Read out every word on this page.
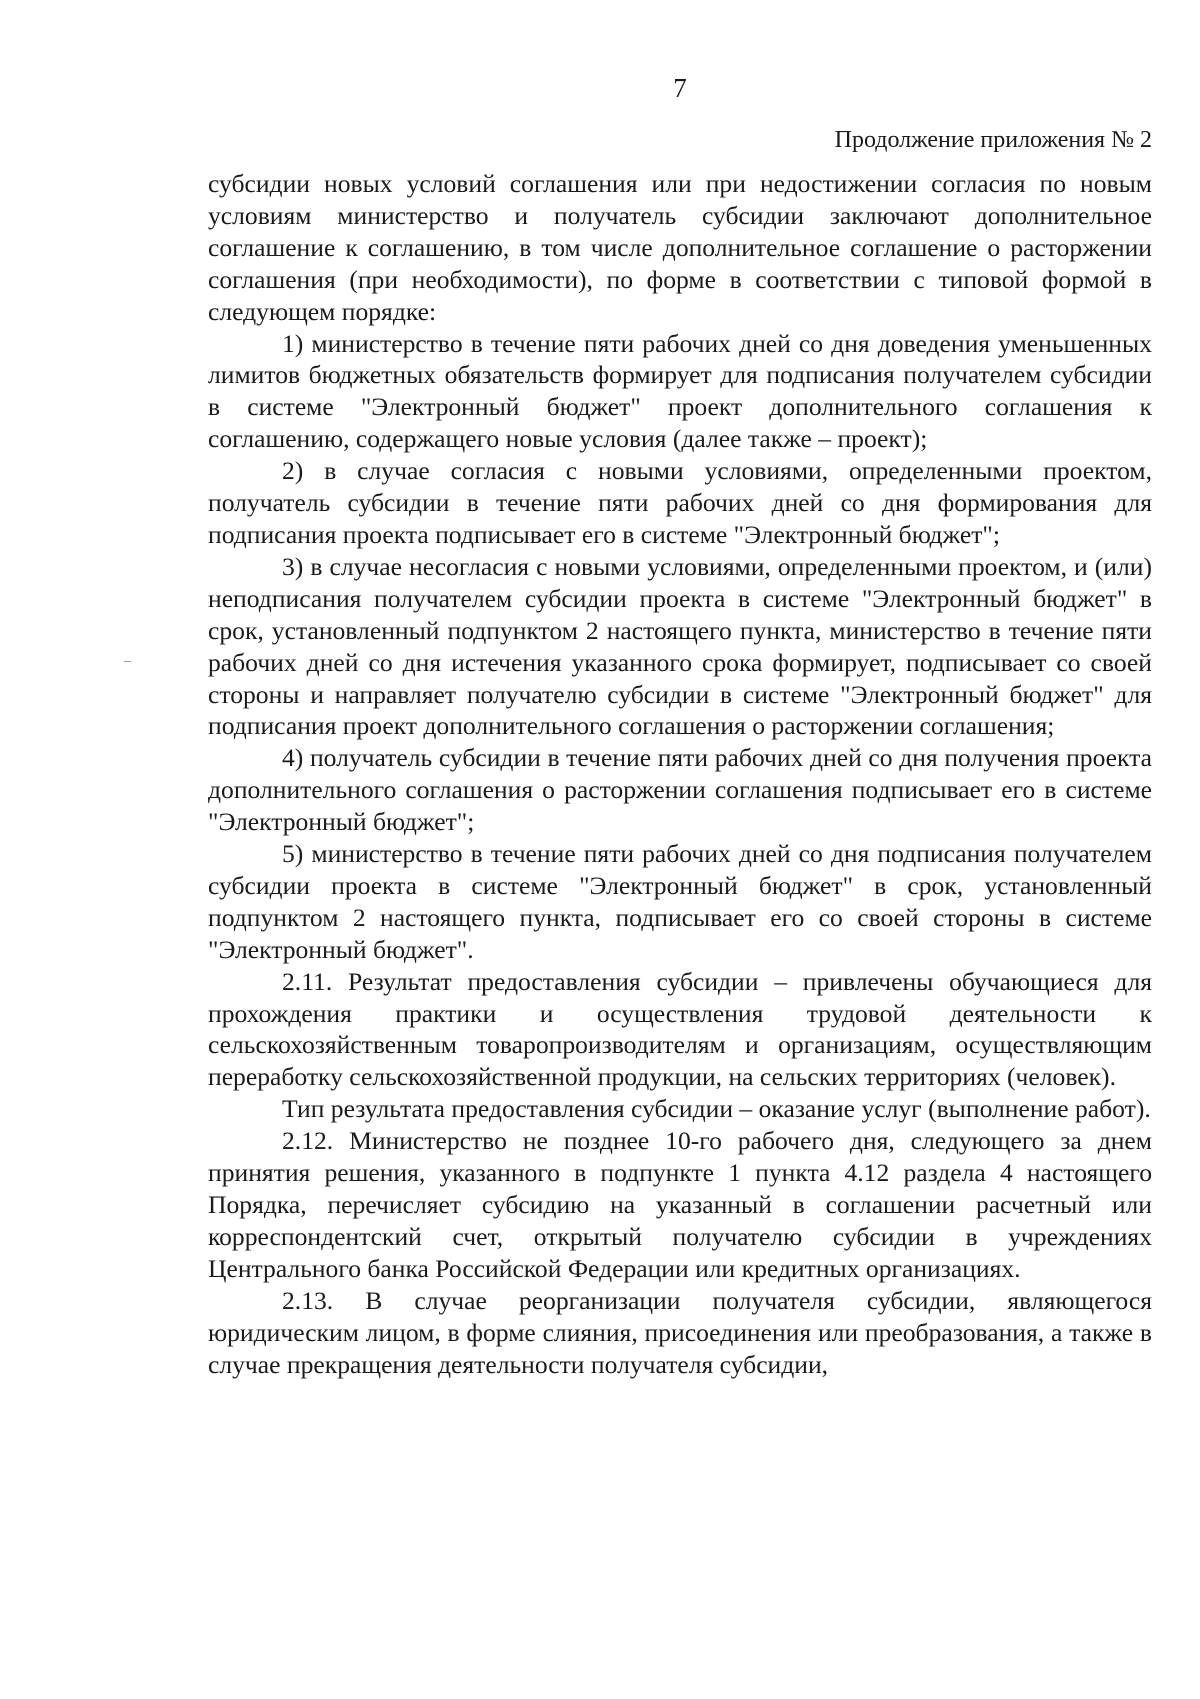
7
Продолжение приложения № 2

субсидии новых условий соглашения или при недостижении согласия по новым условиям министерство и получатель субсидии заключают дополнительное соглашение к соглашению, в том числе дополнительное соглашение о расторжении соглашения (при необходимости), по форме в соответствии с типовой формой в следующем порядке:

1) министерство в течение пяти рабочих дней со дня доведения уменьшенных лимитов бюджетных обязательств формирует для подписания получателем субсидии в системе "Электронный бюджет" проект дополнительного соглашения к соглашению, содержащего новые условия (далее также – проект);

2) в случае согласия с новыми условиями, определенными проектом, получатель субсидии в течение пяти рабочих дней со дня формирования для подписания проекта подписывает его в системе "Электронный бюджет";

3) в случае несогласия с новыми условиями, определенными проектом, и (или) неподписания получателем субсидии проекта в системе "Электронный бюджет" в срок, установленный подпунктом 2 настоящего пункта, министерство в течение пяти рабочих дней со дня истечения указанного срока формирует, подписывает со своей стороны и направляет получателю субсидии в системе "Электронный бюджет" для подписания проект дополнительного соглашения о расторжении соглашения;

4) получатель субсидии в течение пяти рабочих дней со дня получения проекта дополнительного соглашения о расторжении соглашения подписывает его в системе "Электронный бюджет";

5) министерство в течение пяти рабочих дней со дня подписания получателем субсидии проекта в системе "Электронный бюджет" в срок, установленный подпунктом 2 настоящего пункта, подписывает его со своей стороны в системе "Электронный бюджет".

2.11. Результат предоставления субсидии – привлечены обучающиеся для прохождения практики и осуществления трудовой деятельности к сельскохозяйственным товаропроизводителям и организациям, осуществляющим переработку сельскохозяйственной продукции, на сельских территориях (человек).

Тип результата предоставления субсидии – оказание услуг (выполнение работ).

2.12. Министерство не позднее 10-го рабочего дня, следующего за днем принятия решения, указанного в подпункте 1 пункта 4.12 раздела 4 настоящего Порядка, перечисляет субсидию на указанный в соглашении расчетный или корреспондентский счет, открытый получателю субсидии в учреждениях Центрального банка Российской Федерации или кредитных организациях.

2.13. В случае реорганизации получателя субсидии, являющегося юридическим лицом, в форме слияния, присоединения или преобразования, а также в случае прекращения деятельности получателя субсидии,
